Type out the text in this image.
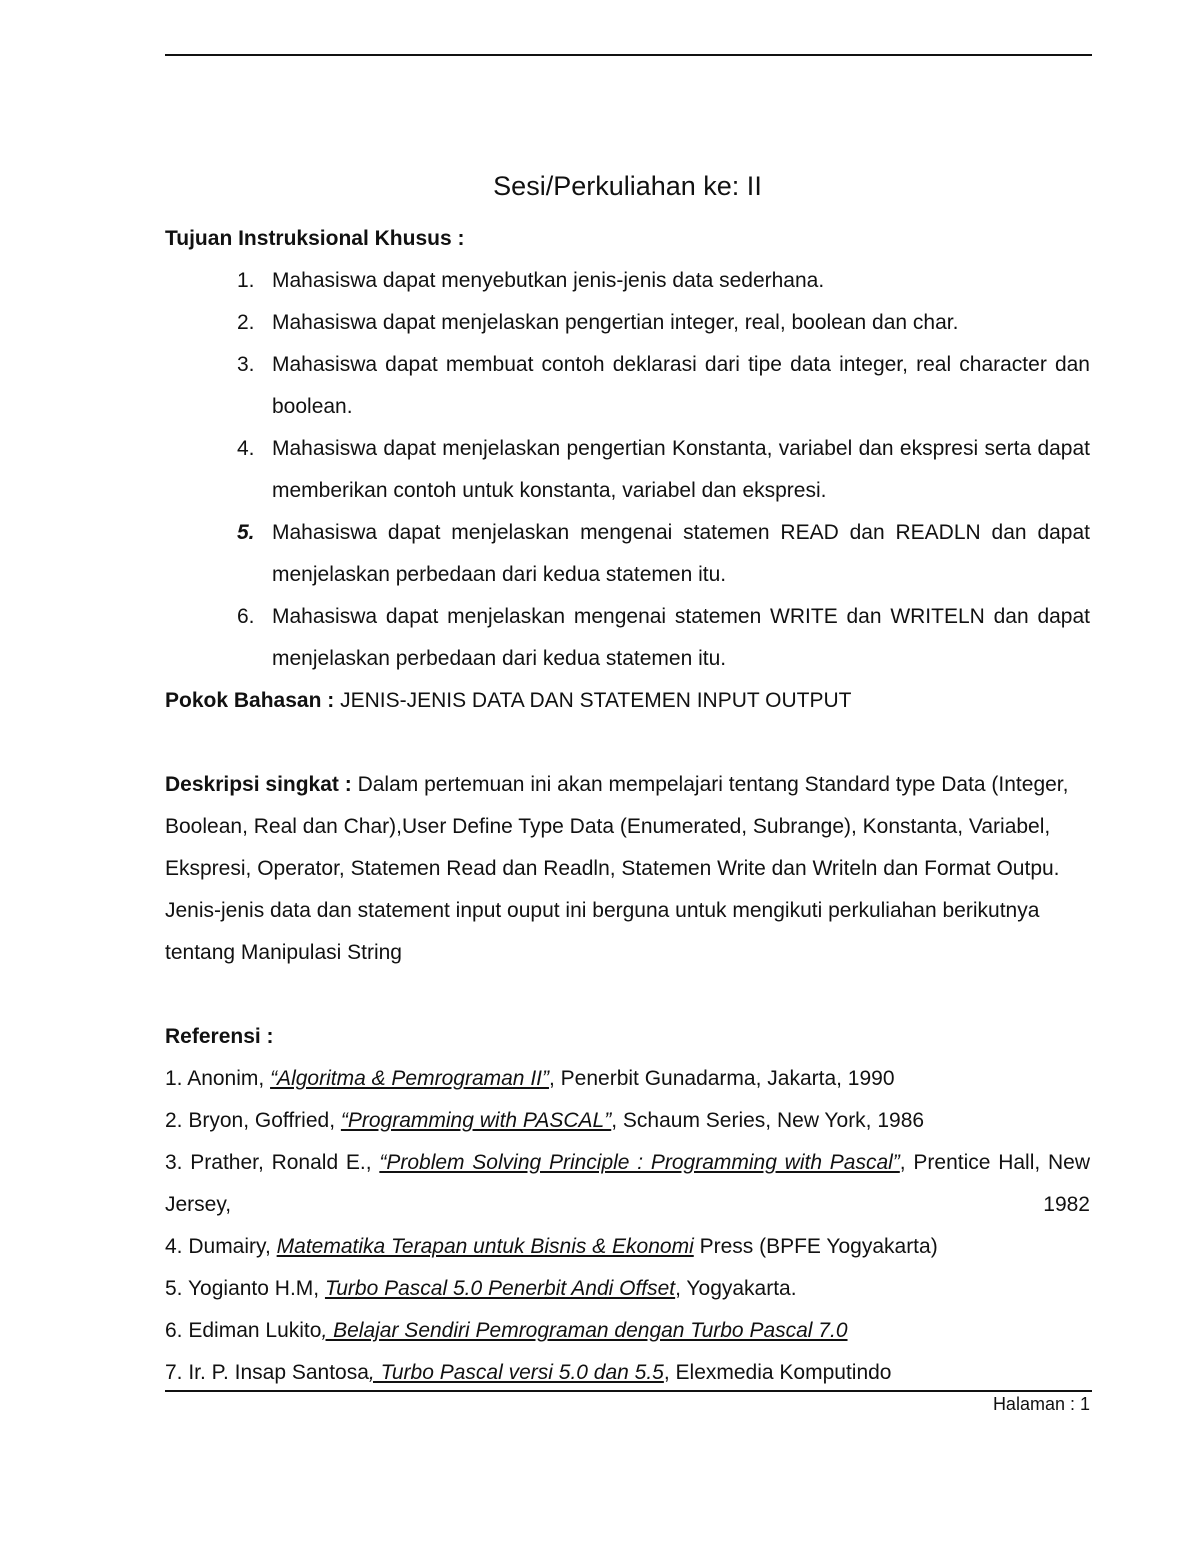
Sesi/Perkuliahan ke: II
Tujuan Instruksional Khusus :
1. Mahasiswa dapat menyebutkan jenis-jenis data sederhana.
2. Mahasiswa dapat menjelaskan pengertian integer, real, boolean dan char.
3. Mahasiswa dapat membuat contoh deklarasi dari tipe data integer, real character dan boolean.
4. Mahasiswa dapat menjelaskan pengertian Konstanta, variabel dan ekspresi serta dapat memberikan contoh untuk konstanta, variabel dan ekspresi.
5. Mahasiswa dapat menjelaskan mengenai statemen READ dan READLN dan dapat menjelaskan perbedaan dari kedua statemen itu.
6. Mahasiswa dapat menjelaskan mengenai statemen WRITE dan WRITELN dan dapat menjelaskan perbedaan dari kedua statemen itu.

Pokok Bahasan : JENIS-JENIS DATA DAN STATEMEN INPUT OUTPUT

Deskripsi singkat : Dalam pertemuan ini akan mempelajari tentang Standard type Data (Integer, Boolean, Real dan Char),User Define Type Data (Enumerated, Subrange), Konstanta, Variabel, Ekspresi, Operator, Statemen Read dan Readln, Statemen Write dan Writeln dan Format Outpu. Jenis-jenis data dan statement input ouput ini berguna untuk mengikuti perkuliahan berikutnya tentang Manipulasi String

Referensi :

1. Anonim, “Algoritma & Pemrograman II”, Penerbit Gunadarma, Jakarta, 1990

2. Bryon, Goffried, “Programming with PASCAL”, Schaum Series, New York, 1986

3. Prather, Ronald E., “Problem Solving Principle : Programming with Pascal”, Prentice Hall, New Jersey, 1982

4. Dumairy, Matematika Terapan untuk Bisnis & Ekonomi Press (BPFE Yogyakarta)

5. Yogianto H.M, Turbo Pascal 5.0 Penerbit Andi Offset, Yogyakarta.

6. Ediman Lukito, Belajar Sendiri Pemrograman dengan Turbo Pascal 7.0

7. Ir. P. Insap Santosa, Turbo Pascal versi 5.0 dan 5.5, Elexmedia Komputindo

Halaman : 1
